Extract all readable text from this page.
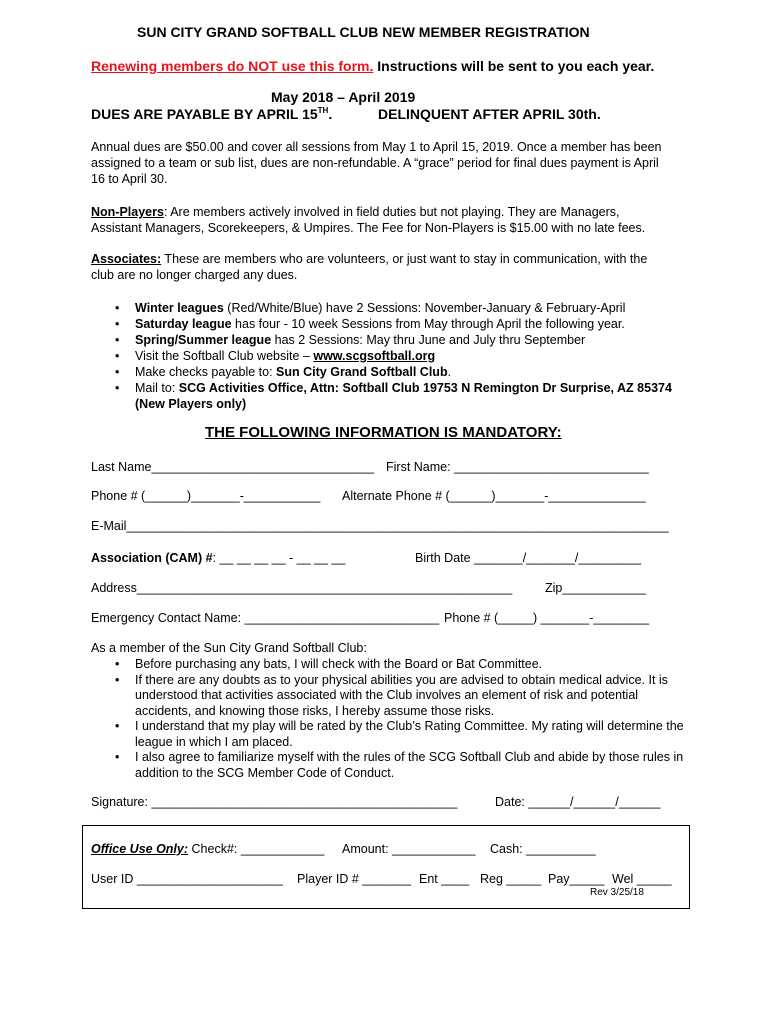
SUN CITY GRAND SOFTBALL CLUB NEW MEMBER REGISTRATION
Renewing members do NOT use this form. Instructions will be sent to you each year.
May 2018 – April 2019
DUES ARE PAYABLE BY APRIL 15TH.	DELINQUENT AFTER APRIL 30th.
Annual dues are $50.00 and cover all sessions from May 1 to April 15, 2019. Once a member has been assigned to a team or sub list, dues are non-refundable. A “grace” period for final dues payment is April 16 to April 30.
Non-Players: Are members actively involved in field duties but not playing. They are Managers, Assistant Managers, Scorekeepers, & Umpires. The Fee for Non-Players is $15.00 with no late fees.
Associates: These are members who are volunteers, or just want to stay in communication, with the club are no longer charged any dues.
• Winter leagues (Red/White/Blue) have 2 Sessions: November-January & February-April
• Saturday league has four - 10 week Sessions from May through April the following year.
• Spring/Summer league has 2 Sessions: May thru June and July thru September
• Visit the Softball Club website – www.scgsoftball.org
• Make checks payable to: Sun City Grand Softball Club.
• Mail to: SCG Activities Office, Attn: Softball Club 19753 N Remington Dr Surprise, AZ 85374
(New Players only)
THE FOLLOWING INFORMATION IS MANDATORY:
Last Name________________________________ First Name: ____________________________
Phone # (______)_______-___________ Alternate Phone # (______)_______-______________
E-Mail______________________________________________________________________________
Association (CAM) #: __ __ __ __ - __ __ __	Birth Date _______/_______/_________
Address______________________________________________________	Zip____________
Emergency Contact Name: ____________________________ Phone # (_____) _______-________
As a member of the Sun City Grand Softball Club:
• Before purchasing any bats, I will check with the Board or Bat Committee.
• If there are any doubts as to your physical abilities you are advised to obtain medical advice. It is understood that activities associated with the Club involves an element of risk and potential accidents, and knowing those risks, I hereby assume those risks.
• I understand that my play will be rated by the Club’s Rating Committee. My rating will determine the league in which I am placed.
• I also agree to familiarize myself with the rules of the SCG Softball Club and abide by those rules in addition to the SCG Member Code of Conduct.
Signature: ____________________________________________	Date: ______/______/______
Office Use Only: Check#: ____________ Amount: ____________ Cash: __________
User ID _____________________ Player ID # _______ Ent ____ Reg _____ Pay_____ Wel _____
Rev 3/25/18
